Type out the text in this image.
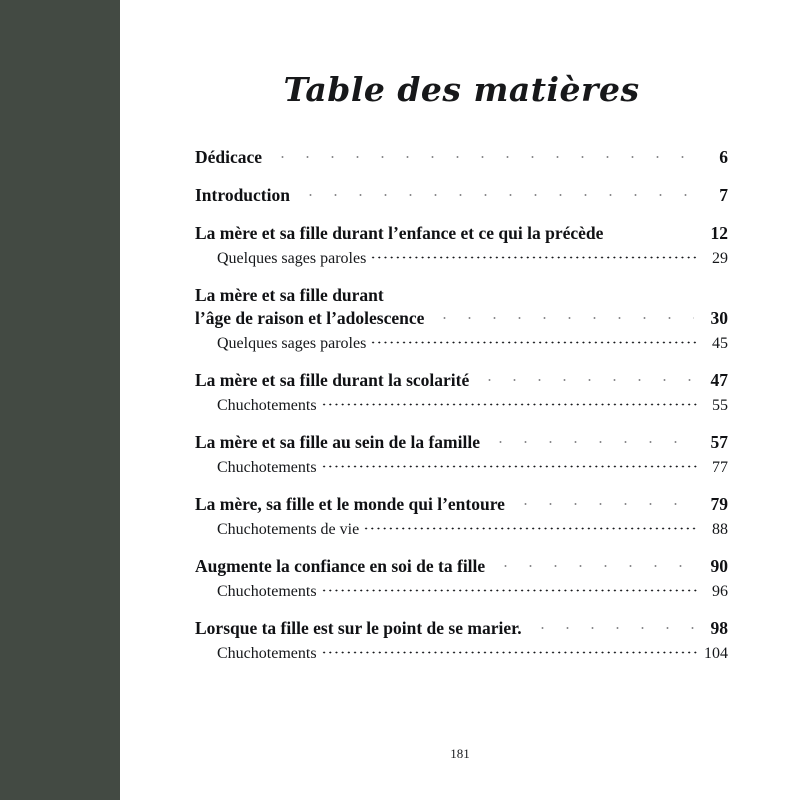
Table des matières
Dédicace	6
Introduction	7
La mère et sa fille durant l’enfance et ce qui la précède	12
Quelques sages paroles	29
La mère et sa fille durant
l’âge de raison et l’adolescence	30
Quelques sages paroles	45
La mère et sa fille durant la scolarité	47
Chuchotements	55
La mère et sa fille au sein de la famille	57
Chuchotements	77
La mère, sa fille et le monde qui l’entoure	79
Chuchotements de vie	88
Augmente la confiance en soi de ta fille	90
Chuchotements	96
Lorsque ta fille est sur le point de se marier.	98
Chuchotements	104
181
